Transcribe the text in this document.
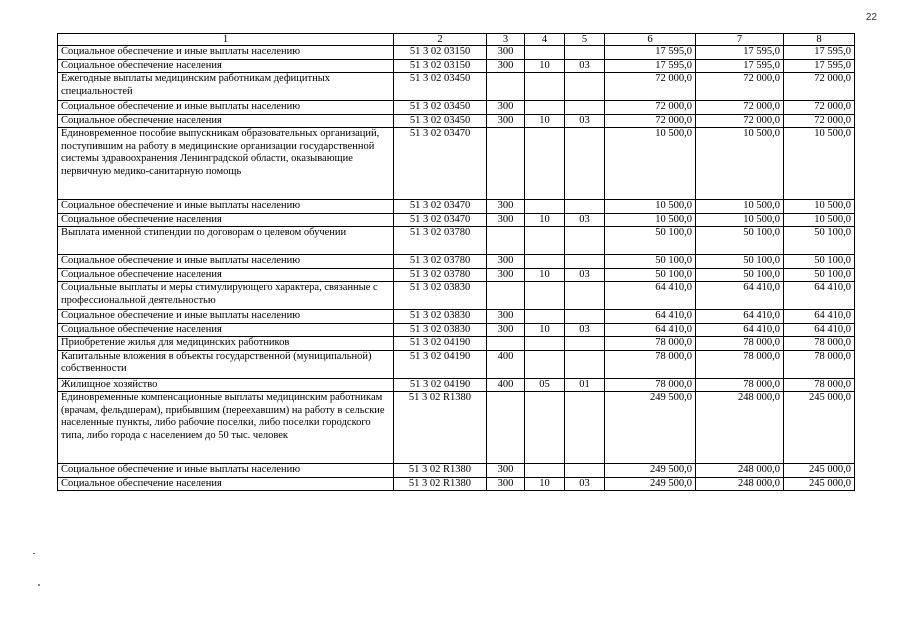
22
1	2	3	4	5	6	7	8
Социальное обеспечение и иные выплаты населению	51 3 02 03150	300			17 595,0	17 595,0	17 595,0
Социальное обеспечение населения	51 3 02 03150	300	10	03	17 595,0	17 595,0	17 595,0
Ежегодные выплаты медицинским работникам дефицитных специальностей	51 3 02 03450				72 000,0	72 000,0	72 000,0
Социальное обеспечение и иные выплаты населению	51 3 02 03450	300			72 000,0	72 000,0	72 000,0
Социальное обеспечение населения	51 3 02 03450	300	10	03	72 000,0	72 000,0	72 000,0
Единовременное пособие выпускникам образовательных организаций, поступившим на работу в медицинские организации государственной системы здравоохранения Ленинградской области, оказывающие первичную медико-санитарную помощь	51 3 02 03470				10 500,0	10 500,0	10 500,0
Социальное обеспечение и иные выплаты населению	51 3 02 03470	300			10 500,0	10 500,0	10 500,0
Социальное обеспечение населения	51 3 02 03470	300	10	03	10 500,0	10 500,0	10 500,0
Выплата именной стипендии по договорам о целевом обучении	51 3 02 03780				50 100,0	50 100,0	50 100,0
Социальное обеспечение и иные выплаты населению	51 3 02 03780	300			50 100,0	50 100,0	50 100,0
Социальное обеспечение населения	51 3 02 03780	300	10	03	50 100,0	50 100,0	50 100,0
Социальные выплаты и меры стимулирующего характера, связанные с профессиональной деятельностью	51 3 02 03830				64 410,0	64 410,0	64 410,0
Социальное обеспечение и иные выплаты населению	51 3 02 03830	300			64 410,0	64 410,0	64 410,0
Социальное обеспечение населения	51 3 02 03830	300	10	03	64 410,0	64 410,0	64 410,0
Приобретение жилья для медицинских работников	51 3 02 04190				78 000,0	78 000,0	78 000,0
Капитальные вложения в объекты государственной (муниципальной) собственности	51 3 02 04190	400			78 000,0	78 000,0	78 000,0
Жилищное хозяйство	51 3 02 04190	400	05	01	78 000,0	78 000,0	78 000,0
Единовременные компенсационные выплаты медицинским работникам (врачам, фельдшерам), прибывшим (переехавшим) на работу в сельские населенные пункты, либо рабочие поселки, либо поселки городского типа, либо города с населением до 50 тыс. человек	51 3 02 R1380				249 500,0	248 000,0	245 000,0
Социальное обеспечение и иные выплаты населению	51 3 02 R1380	300			249 500,0	248 000,0	245 000,0
Социальное обеспечение населения	51 3 02 R1380	300	10	03	249 500,0	248 000,0	245 000,0
